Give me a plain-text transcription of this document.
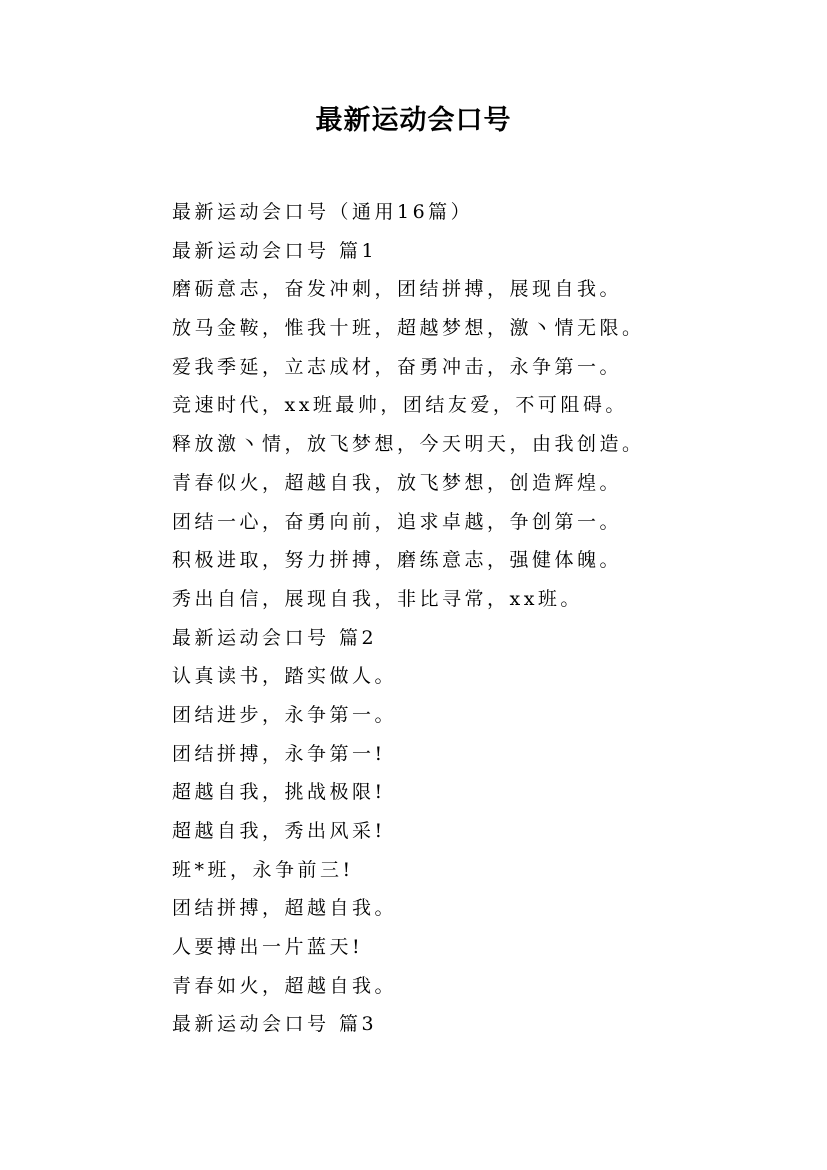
最新运动会口号
最新运动会口号（通用16篇）
最新运动会口号 篇1
磨砺意志，奋发冲刺，团结拼搏，展现自我。
放马金鞍，惟我十班，超越梦想，激丶情无限。
爱我季延，立志成材，奋勇冲击，永争第一。
竞速时代，xx班最帅，团结友爱，不可阻碍。
释放激丶情，放飞梦想，今天明天，由我创造。
青春似火，超越自我，放飞梦想，创造辉煌。
团结一心，奋勇向前，追求卓越，争创第一。
积极进取，努力拼搏，磨练意志，强健体魄。
秀出自信，展现自我，非比寻常，xx班。
最新运动会口号 篇2
认真读书，踏实做人。
团结进步，永争第一。
团结拼搏，永争第一!
超越自我，挑战极限!
超越自我，秀出风采!
班*班，永争前三!
团结拼搏，超越自我。
人要搏出一片蓝天!
青春如火，超越自我。
最新运动会口号 篇3
